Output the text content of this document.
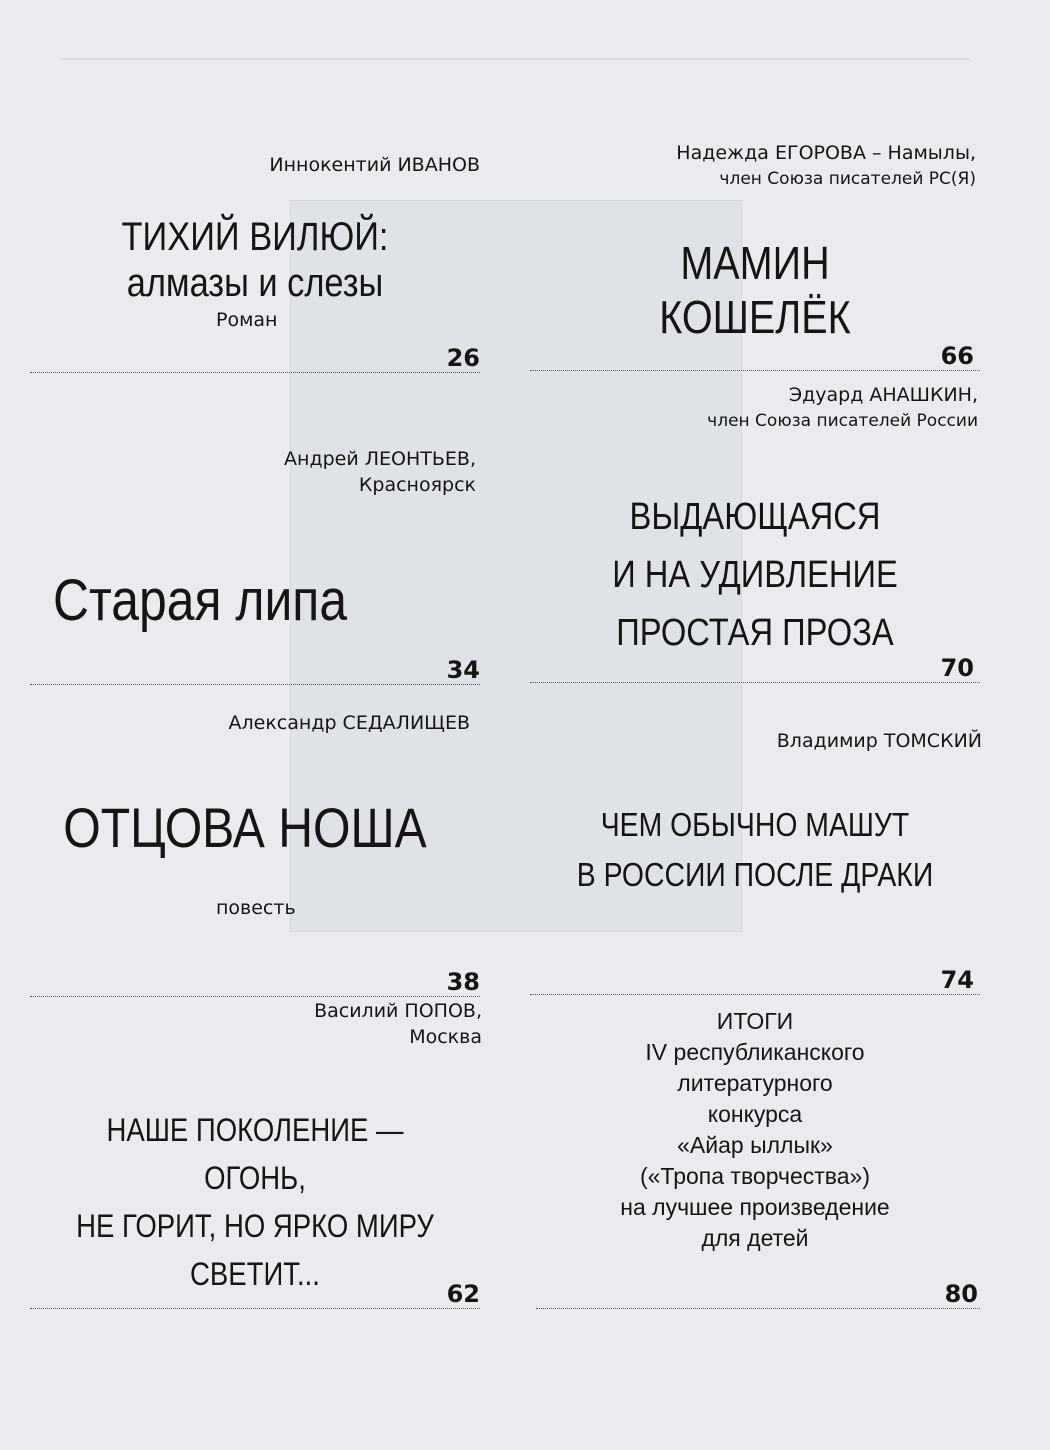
Иннокентий ИВАНОВ
ТИХИЙ ВИЛЮЙ:
алмазы и слезы
Роман
26
Андрей ЛЕОНТЬЕВ,
Красноярск
Старая липа
34
Александр СЕДАЛИЩЕВ
ОТЦОВА НОША
повесть
38
Василий ПОПОВ,
Москва
НАШЕ ПОКОЛЕНИЕ — ОГОНЬ,
НЕ ГОРИТ, НО ЯРКО МИРУ
СВЕТИТ...
62
Надежда ЕГОРОВА – Намылы,
член Союза писателей РС(Я)
МАМИН
КОШЕЛЁК
66
Эдуард АНАШКИН,
член Союза писателей России
ВЫДАЮЩАЯСЯ
И НА УДИВЛЕНИЕ
ПРОСТАЯ ПРОЗА
70
Владимир ТОМСКИЙ
ЧЕМ ОБЫЧНО МАШУТ
В РОССИИ ПОСЛЕ ДРАКИ
74
ИТОГИ
IV республиканского
литературного
конкурса
«Айар ыллык»
(«Тропа творчества»)
на лучшее произведение
для детей
80
